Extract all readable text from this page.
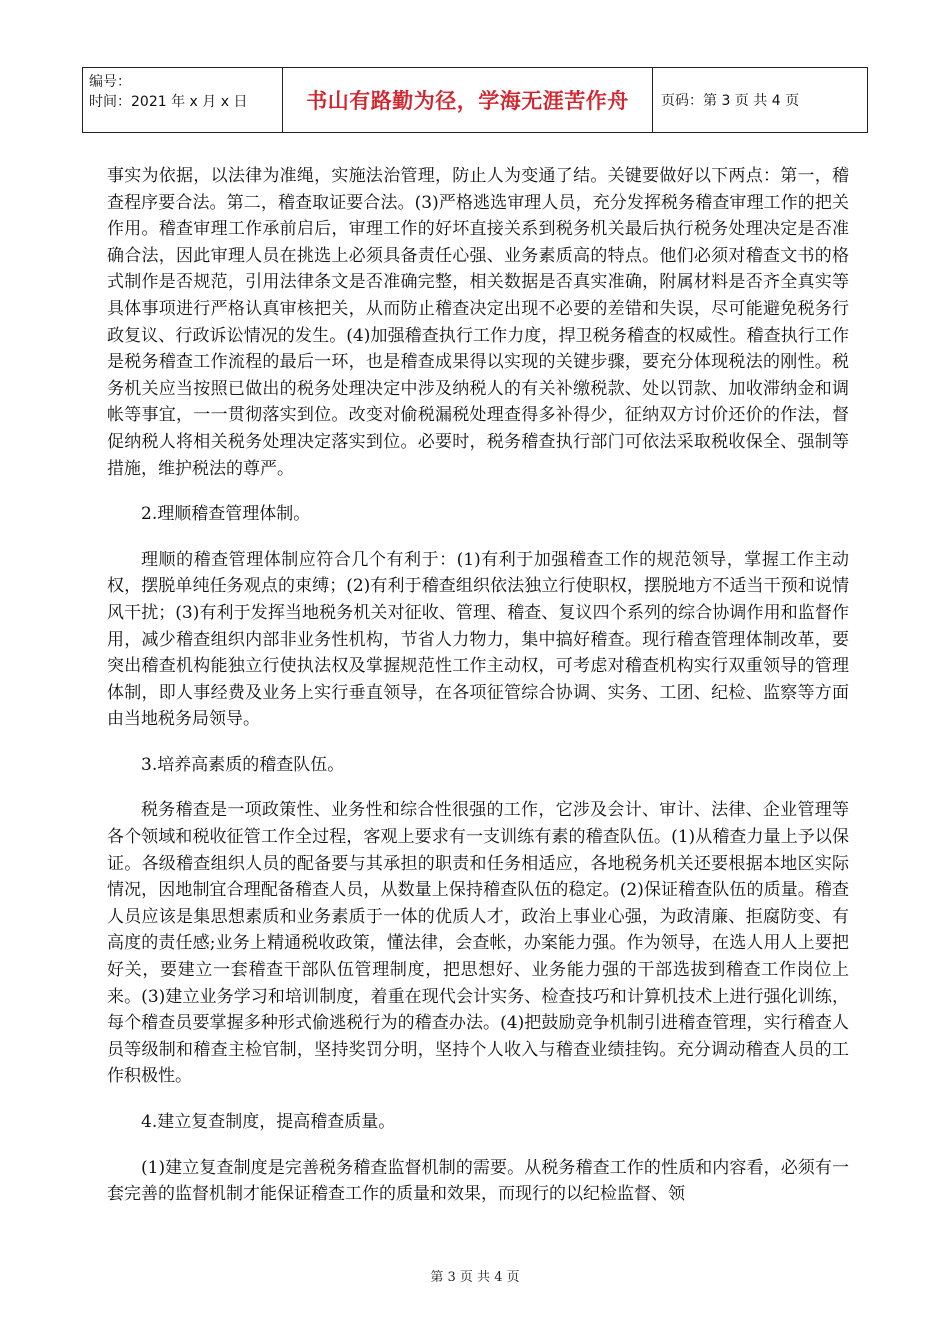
编号：
时间：2021 年 x 月 x 日	书山有路勤为径，学海无涯苦作舟	页码：第 3 页 共 4 页

事实为依据，以法律为准绳，实施法治管理，防止人为变通了结。关键要做好以下两点：第一，稽查程序要合法。第二，稽查取证要合法。(3)严格逃选审理人员，充分发挥税务稽查审理工作的把关作用。稽查审理工作承前启后，审理工作的好坏直接关系到税务机关最后执行税务处理决定是否准确合法，因此审理人员在挑选上必须具备责任心强、业务素质高的特点。他们必须对稽查文书的格式制作是否规范，引用法律条文是否准确完整，相关数据是否真实准确，附属材料是否齐全真实等具体事项进行严格认真审核把关，从而防止稽查决定出现不必要的差错和失误，尽可能避免税务行政复议、行政诉讼情况的发生。(4)加强稽查执行工作力度，捍卫税务稽查的权威性。稽查执行工作是税务稽查工作流程的最后一环，也是稽查成果得以实现的关键步骤，要充分体现税法的刚性。税务机关应当按照已做出的税务处理决定中涉及纳税人的有关补缴税款、处以罚款、加收滞纳金和调帐等事宜，一一贯彻落实到位。改变对偷税漏税处理查得多补得少，征纳双方讨价还价的作法，督促纳税人将相关税务处理决定落实到位。必要时，税务稽查执行部门可依法采取税收保全、强制等措施，维护税法的尊严。

2.理顺稽查管理体制。

理顺的稽查管理体制应符合几个有利于：(1)有利于加强稽查工作的规范领导，掌握工作主动权，摆脱单纯任务观点的束缚；(2)有利于稽查组织依法独立行使职权，摆脱地方不适当干预和说情风干扰；(3)有利于发挥当地税务机关对征收、管理、稽查、复议四个系列的综合协调作用和监督作用，减少稽查组织内部非业务性机构，节省人力物力，集中搞好稽查。现行稽查管理体制改革，要突出稽查机构能独立行使执法权及掌握规范性工作主动权，可考虑对稽查机构实行双重领导的管理体制，即人事经费及业务上实行垂直领导，在各项征管综合协调、实务、工团、纪检、监察等方面由当地税务局领导。

3.培养高素质的稽查队伍。

税务稽查是一项政策性、业务性和综合性很强的工作，它涉及会计、审计、法律、企业管理等各个领域和税收征管工作全过程，客观上要求有一支训练有素的稽查队伍。(1)从稽查力量上予以保证。各级稽查组织人员的配备要与其承担的职责和任务相适应，各地税务机关还要根据本地区实际情况，因地制宜合理配备稽查人员，从数量上保持稽查队伍的稳定。(2)保证稽查队伍的质量。稽查人员应该是集思想素质和业务素质于一体的优质人才，政治上事业心强，为政清廉、拒腐防变、有高度的责任感;业务上精通税收政策，懂法律，会查帐，办案能力强。作为领导，在选人用人上要把好关，要建立一套稽查干部队伍管理制度，把思想好、业务能力强的干部选拔到稽查工作岗位上来。(3)建立业务学习和培训制度，着重在现代会计实务、检查技巧和计算机技术上进行强化训练，每个稽查员要掌握多种形式偷逃税行为的稽查办法。(4)把鼓励竞争机制引进稽查管理，实行稽查人员等级制和稽查主检官制，坚持奖罚分明，坚持个人收入与稽查业绩挂钩。充分调动稽查人员的工作积极性。

4.建立复查制度，提高稽查质量。

(1)建立复查制度是完善税务稽查监督机制的需要。从税务稽查工作的性质和内容看，必须有一套完善的监督机制才能保证稽查工作的质量和效果，而现行的以纪检监督、领

第 3 页 共 4 页
